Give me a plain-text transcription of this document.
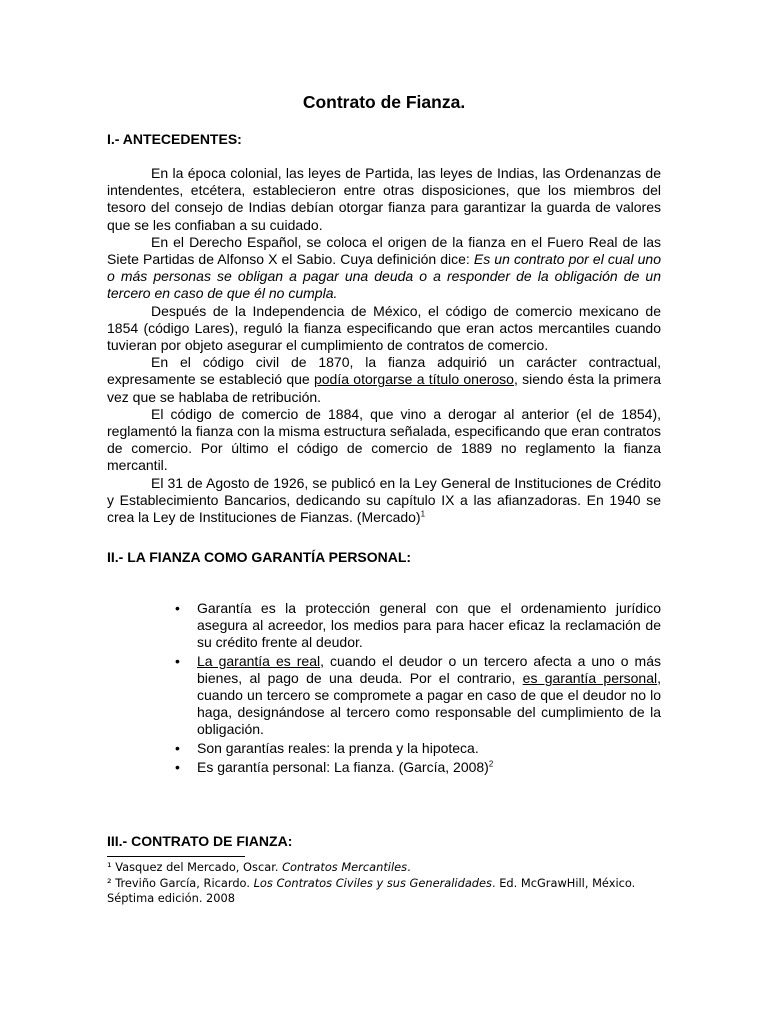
Contrato de Fianza.
I.- ANTECEDENTES:

En la época colonial, las leyes de Partida, las leyes de Indias, las Ordenanzas de intendentes, etcétera, establecieron entre otras disposiciones, que los miembros del tesoro del consejo de Indias debían otorgar fianza para garantizar la guarda de valores que se les confiaban a su cuidado.

En el Derecho Español, se coloca el origen de la fianza en el Fuero Real de las Siete Partidas de Alfonso X el Sabio. Cuya definición dice: Es un contrato por el cual uno o más personas se obligan a pagar una deuda o a responder de la obligación de un tercero en caso de que él no cumpla.

Después de la Independencia de México, el código de comercio mexicano de 1854 (código Lares), reguló la fianza especificando que eran actos mercantiles cuando tuvieran por objeto asegurar el cumplimiento de contratos de comercio.

En el código civil de 1870, la fianza adquirió un carácter contractual, expresamente se estableció que podía otorgarse a título oneroso, siendo ésta la primera vez que se hablaba de retribución.

El código de comercio de 1884, que vino a derogar al anterior (el de 1854), reglamentó la fianza con la misma estructura señalada, especificando que eran contratos de comercio. Por último el código de comercio de 1889 no reglamento la fianza mercantil.

El 31 de Agosto de 1926, se publicó en la Ley General de Instituciones de Crédito y Establecimiento Bancarios, dedicando su capítulo IX a las afianzadoras. En 1940 se crea la Ley de Instituciones de Fianzas. (Mercado)$^1$

II.- LA FIANZA COMO GARANTÍA PERSONAL:
• Garantía es la protección general con que el ordenamiento jurídico asegura al acreedor, los medios para para hacer eficaz la reclamación de su crédito frente al deudor.
• La garantía es real, cuando el deudor o un tercero afecta a uno o más bienes, al pago de una deuda. Por el contrario, es garantía personal, cuando un tercero se compromete a pagar en caso de que el deudor no lo haga, designándose al tercero como responsable del cumplimiento de la obligación.
• Son garantías reales: la prenda y la hipoteca.
• Es garantía personal: La fianza. (García, 2008)$^2$
III.- CONTRATO DE FIANZA:
¹ Vasquez del Mercado, Oscar. Contratos Mercantiles.
² Treviño García, Ricardo. Los Contratos Civiles y sus Generalidades. Ed. McGrawHill, México. Séptima edición. 2008
